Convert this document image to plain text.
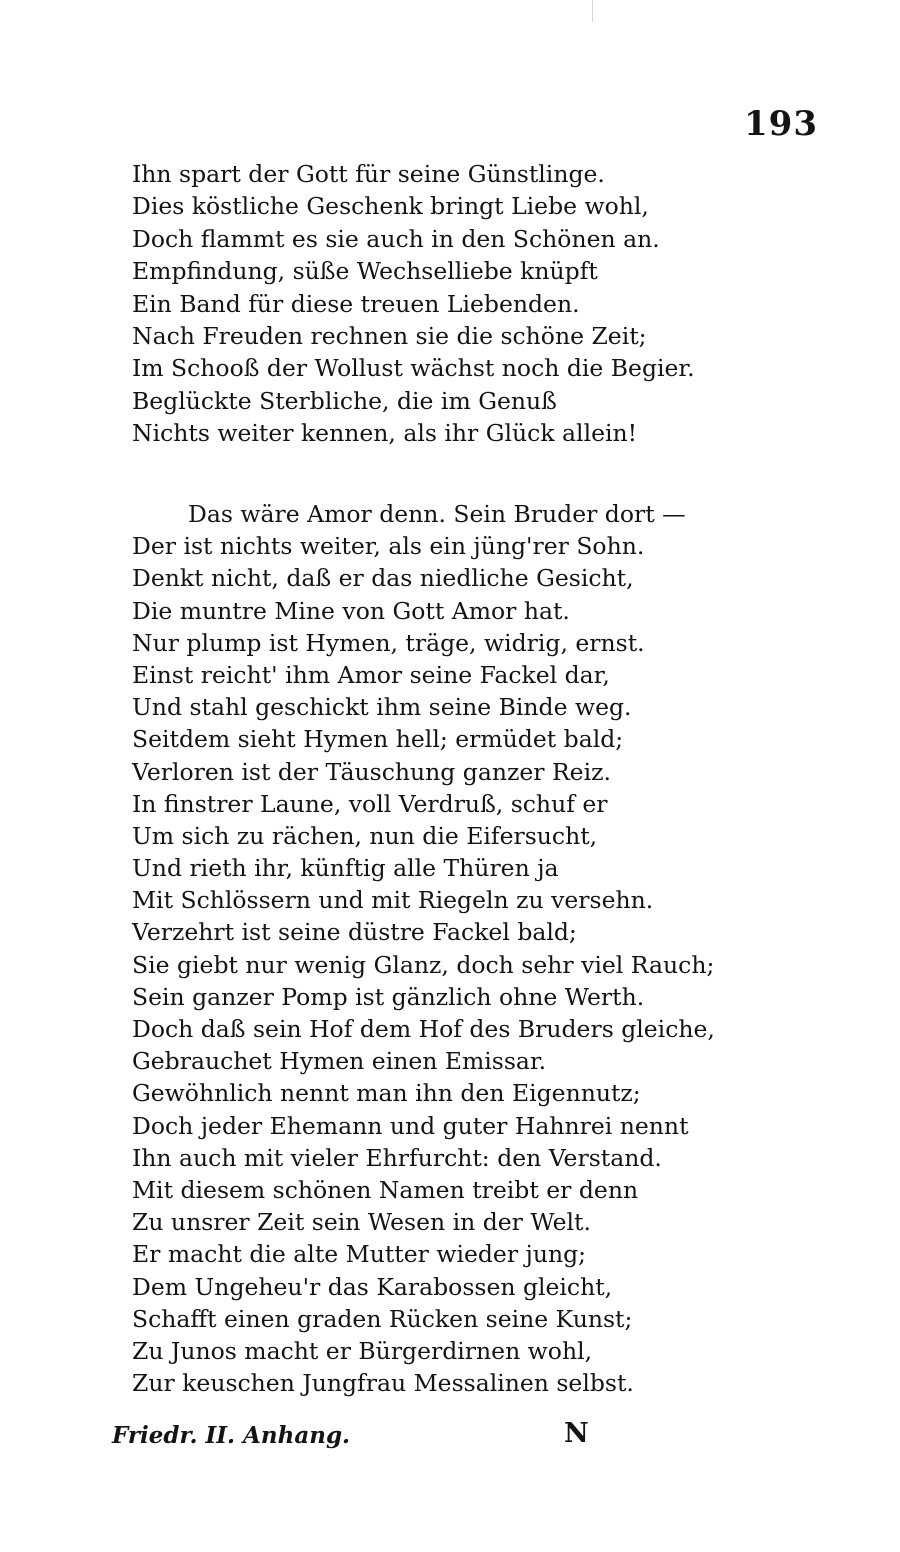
193
Ihn spart der Gott für seine Günstlinge.
Dies köstliche Geschenk bringt Liebe wohl,
Doch flammt es sie auch in den Schönen an.
Empfindung, süße Wechselliebe knüpft
Ein Band für diese treuen Liebenden.
Nach Freuden rechnen sie die schöne Zeit;
Im Schooß der Wollust wächst noch die Begier.
Beglückte Sterbliche, die im Genuß
Nichts weiter kennen, als ihr Glück allein!
Das wäre Amor denn. Sein Bruder dort —
Der ist nichts weiter, als ein jüng'rer Sohn.
Denkt nicht, daß er das niedliche Gesicht,
Die muntre Mine von Gott Amor hat.
Nur plump ist Hymen, träge, widrig, ernst.
Einst reicht' ihm Amor seine Fackel dar,
Und stahl geschickt ihm seine Binde weg.
Seitdem sieht Hymen hell; ermüdet bald;
Verloren ist der Täuschung ganzer Reiz.
In finstrer Laune, voll Verdruß, schuf er
Um sich zu rächen, nun die Eifersucht,
Und rieth ihr, künftig alle Thüren ja
Mit Schlössern und mit Riegeln zu versehn.
Verzehrt ist seine düstre Fackel bald;
Sie giebt nur wenig Glanz, doch sehr viel Rauch;
Sein ganzer Pomp ist gänzlich ohne Werth.
Doch daß sein Hof dem Hof des Bruders gleiche,
Gebrauchet Hymen einen Emissar.
Gewöhnlich nennt man ihn den Eigennutz;
Doch jeder Ehemann und guter Hahnrei nennt
Ihn auch mit vieler Ehrfurcht: den Verstand.
Mit diesem schönen Namen treibt er denn
Zu unsrer Zeit sein Wesen in der Welt.
Er macht die alte Mutter wieder jung;
Dem Ungeheu'r das Karabossen gleicht,
Schafft einen graden Rücken seine Kunst;
Zu Junos macht er Bürgerdirnen wohl,
Zur keuschen Jungfrau Messalinen selbst.
Friedr. II. Anhang.	N
